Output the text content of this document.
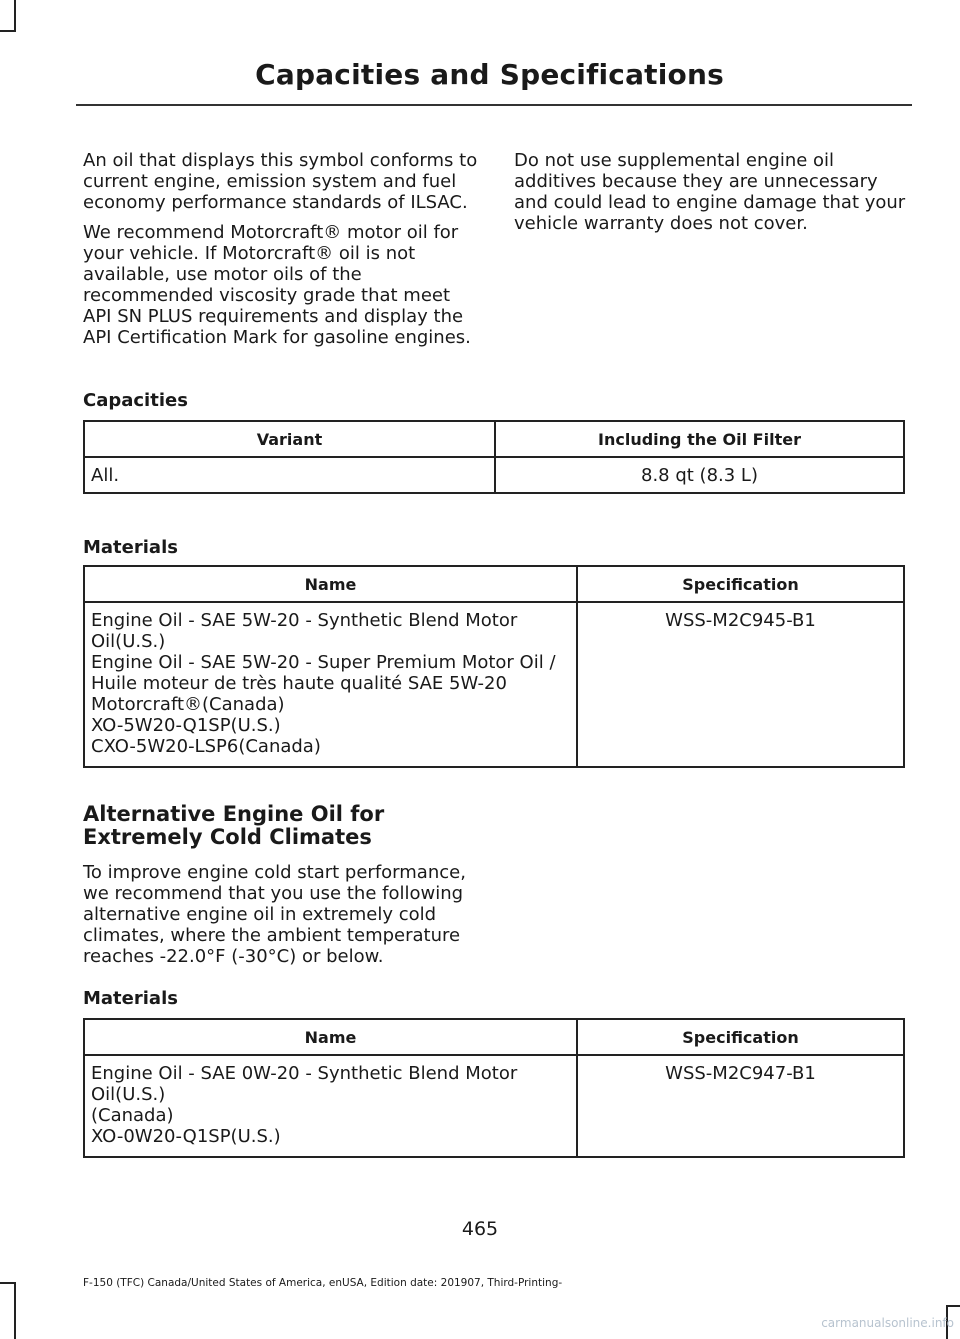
Capacities and Specifications

An oil that displays this symbol conforms to current engine, emission system and fuel economy performance standards of ILSAC.

We recommend Motorcraft® motor oil for your vehicle. If Motorcraft® oil is not available, use motor oils of the recommended viscosity grade that meet API SN PLUS requirements and display the API Certification Mark for gasoline engines.

Do not use supplemental engine oil additives because they are unnecessary and could lead to engine damage that your vehicle warranty does not cover.

Capacities
Variant	Including the Oil Filter
All.	8.8 qt (8.3 L)
Materials
Name	Specification

Engine Oil - SAE 5W-20 - Synthetic Blend Motor Oil(U.S.)
Engine Oil - SAE 5W-20 - Super Premium Motor Oil / Huile moteur de très haute qualité SAE 5W-20 Motorcraft®(Canada)
XO-5W20-Q1SP(U.S.)
CXO-5W20-LSP6(Canada)	WSS-M2C945-B1
Alternative Engine Oil for Extremely Cold Climates
To improve engine cold start performance, we recommend that you use the following alternative engine oil in extremely cold climates, where the ambient temperature reaches -22.0°F (-30°C) or below.
Materials
Name	Specification

Engine Oil - SAE 0W-20 - Synthetic Blend Motor Oil(U.S.)
(Canada)
XO-0W20-Q1SP(U.S.)	WSS-M2C947-B1
465
F-150 (TFC) Canada/United States of America, enUSA, Edition date: 201907, Third-Printing-
carmanualsonline.info
